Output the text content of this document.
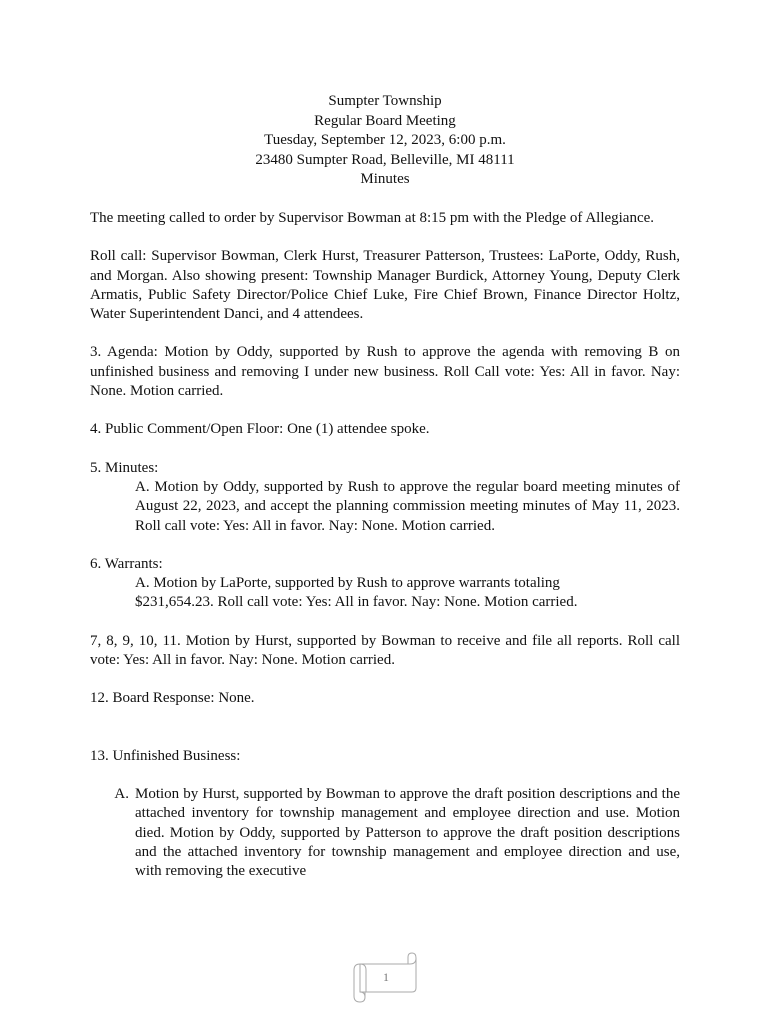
Sumpter Township
Regular Board Meeting
Tuesday, September 12, 2023, 6:00 p.m.
23480 Sumpter Road, Belleville, MI 48111
Minutes

The meeting called to order by Supervisor Bowman at 8:15 pm with the Pledge of Allegiance.

Roll call: Supervisor Bowman, Clerk Hurst, Treasurer Patterson, Trustees: LaPorte, Oddy, Rush, and Morgan. Also showing present: Township Manager Burdick, Attorney Young, Deputy Clerk Armatis, Public Safety Director/Police Chief Luke, Fire Chief Brown, Finance Director Holtz, Water Superintendent Danci, and 4 attendees.

3. Agenda: Motion by Oddy, supported by Rush to approve the agenda with removing B on unfinished business and removing I under new business. Roll Call vote: Yes: All in favor. Nay: None. Motion carried.

4. Public Comment/Open Floor: One (1) attendee spoke.

5. Minutes:

A. Motion by Oddy, supported by Rush to approve the regular board meeting minutes of August 22, 2023, and accept the planning commission meeting minutes of May 11, 2023. Roll call vote: Yes: All in favor. Nay: None. Motion carried.

6. Warrants:

A. Motion by LaPorte, supported by Rush to approve warrants totaling
$231,654.23. Roll call vote: Yes: All in favor. Nay: None. Motion carried.

7, 8, 9, 10, 11. Motion by Hurst, supported by Bowman to receive and file all reports. Roll call vote: Yes: All in favor. Nay: None. Motion carried.

12. Board Response: None.

13. Unfinished Business:

A. Motion by Hurst, supported by Bowman to approve the draft position descriptions and the attached inventory for township management and employee direction and use. Motion died. Motion by Oddy, supported by Patterson to approve the draft position descriptions and the attached inventory for township management and employee direction and use, with removing the executive
1
